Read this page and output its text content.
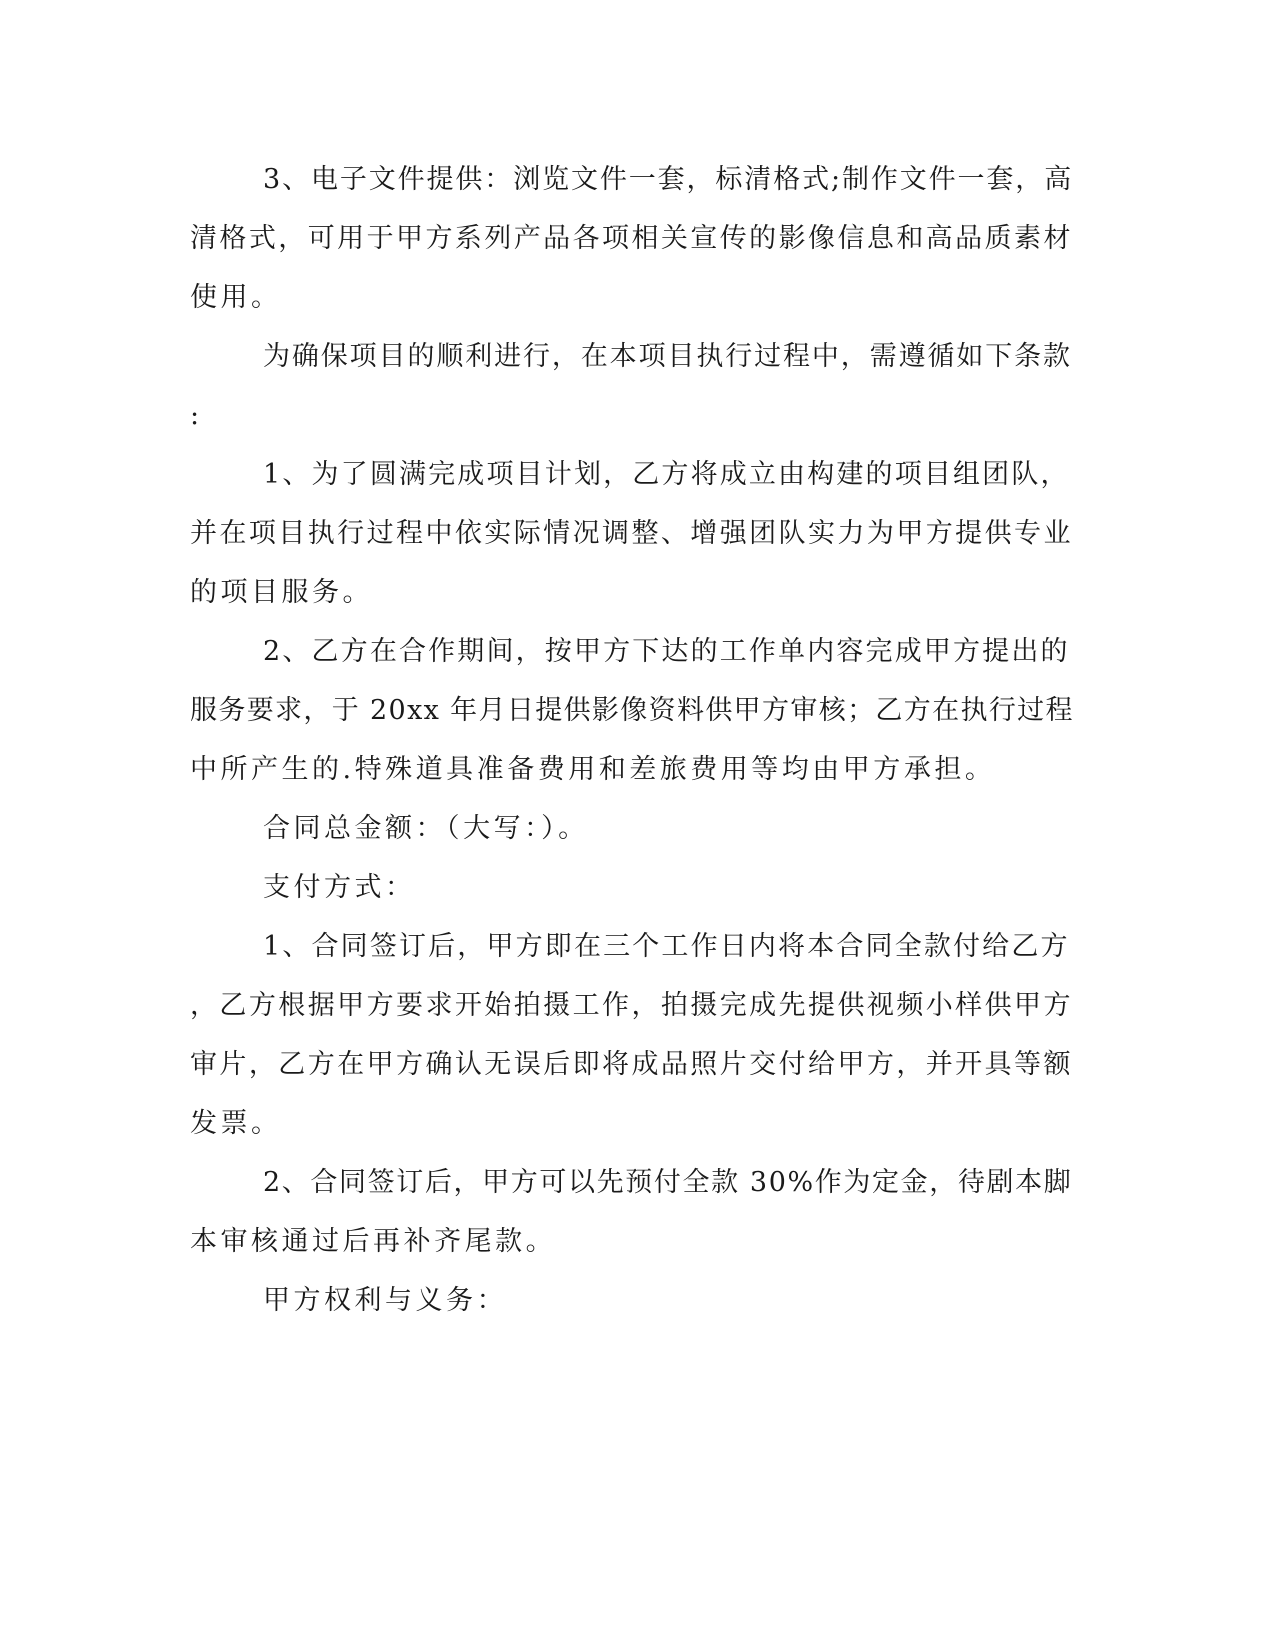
3、电子文件提供：浏览文件一套，标清格式;制作文件一套，高
清格式，可用于甲方系列产品各项相关宣传的影像信息和高品质素材
使用。
为确保项目的顺利进行，在本项目执行过程中，需遵循如下条款
:
1、为了圆满完成项目计划，乙方将成立由构建的项目组团队，
并在项目执行过程中依实际情况调整、增强团队实力为甲方提供专业
的项目服务。
2、乙方在合作期间，按甲方下达的工作单内容完成甲方提出的
服务要求，于 20xx 年月日提供影像资料供甲方审核；乙方在执行过程
中所产生的.特殊道具准备费用和差旅费用等均由甲方承担。
合同总金额：（大写：）。
支付方式：
1、合同签订后，甲方即在三个工作日内将本合同全款付给乙方
，乙方根据甲方要求开始拍摄工作，拍摄完成先提供视频小样供甲方
审片，乙方在甲方确认无误后即将成品照片交付给甲方，并开具等额
发票。
2、合同签订后，甲方可以先预付全款 30%作为定金，待剧本脚
本审核通过后再补齐尾款。
甲方权利与义务：
